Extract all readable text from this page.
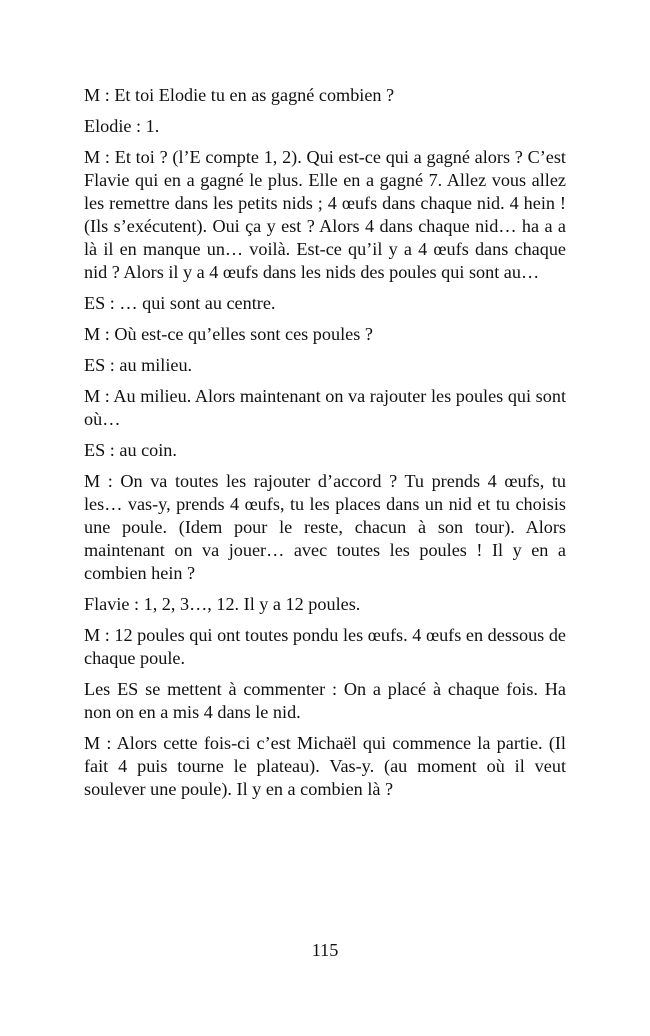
M : Et toi Elodie tu en as gagné combien ?

Elodie : 1.

M : Et toi ? (l’E compte 1, 2). Qui est-ce qui a gagné alors ? C’est Flavie qui en a gagné le plus. Elle en a gagné 7. Allez vous allez les remettre dans les petits nids ; 4 œufs dans chaque nid. 4 hein ! (Ils s’exécutent). Oui ça y est ? Alors 4 dans chaque nid… ha a a là il en manque un… voilà. Est-ce qu’il y a 4 œufs dans chaque nid ? Alors il y a 4 œufs dans les nids des poules qui sont au…

ES : … qui sont au centre.

M : Où est-ce qu’elles sont ces poules ?

ES : au milieu.

M : Au milieu. Alors maintenant on va rajouter les poules qui sont où…

ES : au coin.

M : On va toutes les rajouter d’accord ? Tu prends 4 œufs, tu les… vas-y, prends 4 œufs, tu les places dans un nid et tu choisis une poule. (Idem pour le reste, chacun à son tour). Alors maintenant on va jouer… avec toutes les poules ! Il y en a combien hein ?

Flavie : 1, 2, 3…, 12. Il y a 12 poules.

M : 12 poules qui ont toutes pondu les œufs. 4 œufs en dessous de chaque poule.

Les ES se mettent à commenter : On a placé à chaque fois. Ha non on en a mis 4 dans le nid.

M : Alors cette fois-ci c’est Michaël qui commence la partie. (Il fait 4 puis tourne le plateau). Vas-y. (au moment où il veut soulever une poule). Il y en a combien là ?

115
